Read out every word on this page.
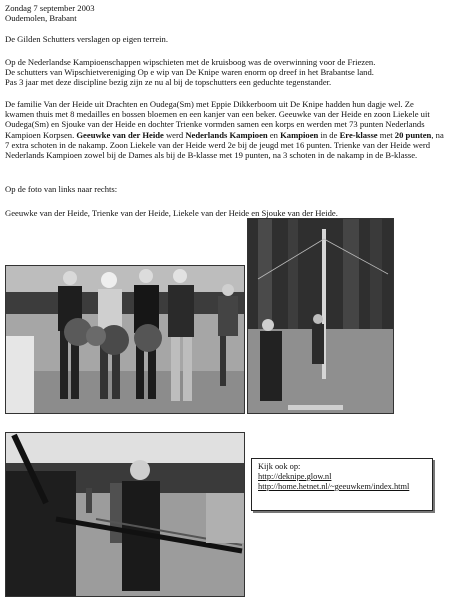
Zondag 7 september 2003
Oudemolen, Brabant
De Gilden Schutters verslagen op eigen terrein.
Op de Nederlandse Kampioenschappen wipschieten met de kruisboog was de overwinning voor de Friezen.
De schutters van Wipschietvereniging Op e wip van De Knipe waren enorm op dreef in het Brabantse land.
Pas 3 jaar met deze discipline bezig zijn ze nu al bij de topschutters een geduchte tegenstander.
De familie Van der Heide uit Drachten en Oudega(Sm) met Eppie Dikkerboom uit De Knipe hadden hun dagje wel. Ze kwamen thuis met 8 medailles en bossen bloemen en een kanjer van een beker. Geeuwke van der Heide en zoon Liekele uit Oudega(Sm) en Sjouke van der Heide en dochter Trienke vormden samen een korps en werden met 73 punten Nederlands Kampioen Korpsen. Geeuwke van der Heide werd Nederlands Kampioen en Kampioen in de Ere-klasse met 20 punten, na 7 extra schoten in de nakamp. Zoon Liekele van der Heide werd 2e bij de jeugd met 16 punten. Trienke van der Heide werd Nederlands Kampioen zowel bij de Dames als bij de B-klasse met 19 punten, na 3 schoten in de nakamp in de B-klasse.
Op de foto van links naar rechts:
Geeuwke van der Heide, Trienke van der Heide, Liekele van der Heide en Sjouke van der Heide.
Kijk ook op:
http://deknipe.glow.nl
http://home.hetnet.nl/~geeuwkem/index.html
